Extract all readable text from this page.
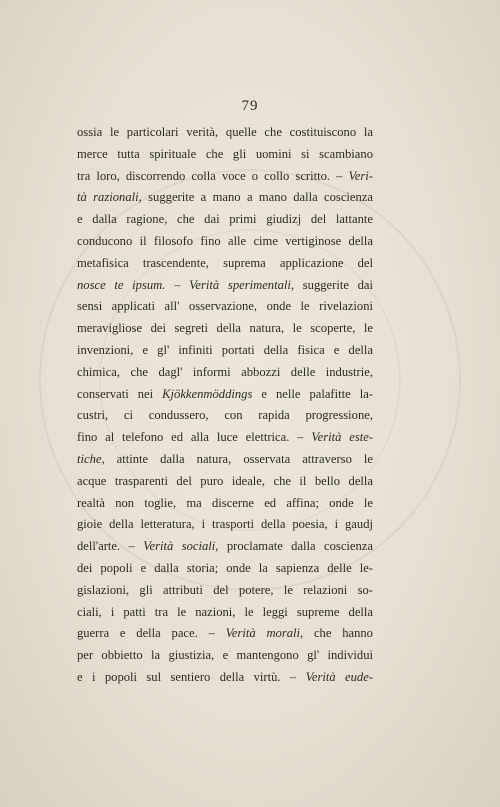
79
ossia le particolari verità, quelle che costituiscono la
merce tutta spirituale che gli uomini si scambiano
tra loro, discorrendo colla voce o collo scritto. – Veri-
tà razionali, suggerite a mano a mano dalla coscienza
e dalla ragione, che dai primi giudizj del lattante
conducono il filosofo fino alle cime vertiginose della
metafisica trascendente, suprema applicazione del
nosce te ipsum. – Verità sperimentali, suggerite dai
sensi applicati all' osservazione, onde le rivelazioni
meravigliose dei segreti della natura, le scoperte, le
invenzioni, e gl' infiniti portati della fisica e della
chimica, che dagl' informi abbozzi delle industrie,
conservati nei Kjökkenmöddings e nelle palafitte la-
custri, ci condussero, con rapida progressione,
fino al telefono ed alla luce elettrica. – Verità este-
tiche, attinte dalla natura, osservata attraverso le
acque trasparenti del puro ideale, che il bello della
realtà non toglie, ma discerne ed affina; onde le
gioie della letteratura, i trasporti della poesia, i gaudj
dell'arte. – Verità sociali, proclamate dalla coscienza
dei popoli e dalla storia; onde la sapienza delle le-
gislazioni, gli attributi del potere, le relazioni so-
ciali, i patti tra le nazioni, le leggi supreme della
guerra e della pace. – Verità morali, che hanno
per obbietto la giustizia, e mantengono gl' individui
e i popoli sul sentiero della virtù. – Verità eude-
